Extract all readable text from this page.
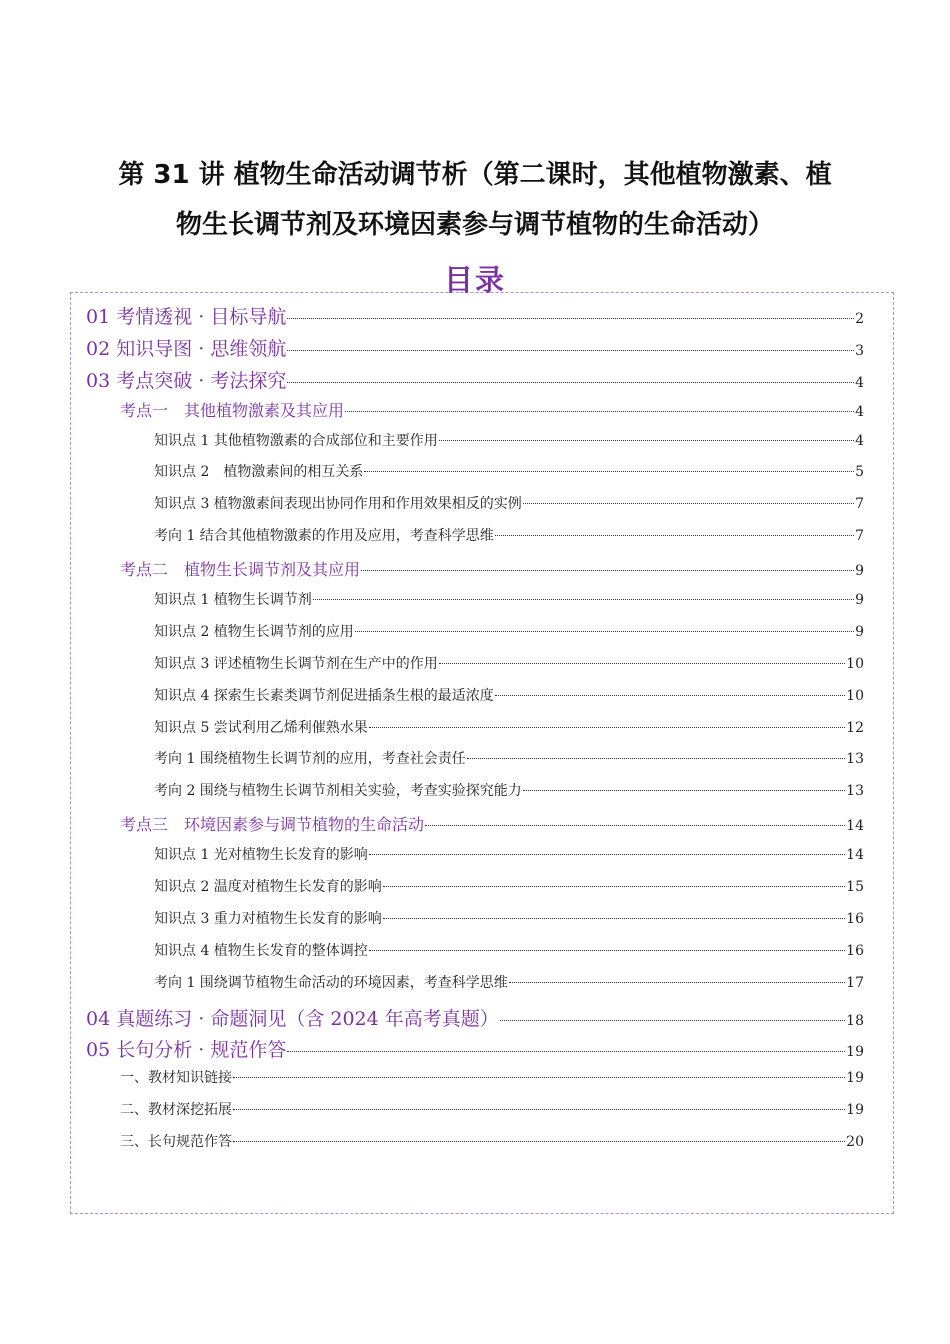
第 31 讲 植物生命活动调节析（第二课时，其他植物激素、植
物生长调节剂及环境因素参与调节植物的生命活动）
目录
01 考情透视 · 目标导航	2
02 知识导图 · 思维领航	3
03 考点突破 · 考法探究	4
考点一　其他植物激素及其应用	4
知识点 1 其他植物激素的合成部位和主要作用	4
知识点 2　植物激素间的相互关系	5
知识点 3 植物激素间表现出协同作用和作用效果相反的实例	7
考向 1 结合其他植物激素的作用及应用，考查科学思维	7
考点二　植物生长调节剂及其应用	9
知识点 1 植物生长调节剂	9
知识点 2 植物生长调节剂的应用	9
知识点 3 评述植物生长调节剂在生产中的作用	10
知识点 4 探索生长素类调节剂促进插条生根的最适浓度	10
知识点 5 尝试利用乙烯利催熟水果	12
考向 1 围绕植物生长调节剂的应用，考查社会责任	13
考向 2 围绕与植物生长调节剂相关实验，考查实验探究能力	13
考点三　环境因素参与调节植物的生命活动	14
知识点 1 光对植物生长发育的影响	14
知识点 2 温度对植物生长发育的影响	15
知识点 3 重力对植物生长发育的影响	16
知识点 4 植物生长发育的整体调控	16
考向 1 围绕调节植物生命活动的环境因素，考查科学思维	17
04 真题练习 · 命题洞见（含 2024 年高考真题）	18
05 长句分析 · 规范作答	19
一、教材知识链接	19
二、教材深挖拓展	19
三、长句规范作答	20
